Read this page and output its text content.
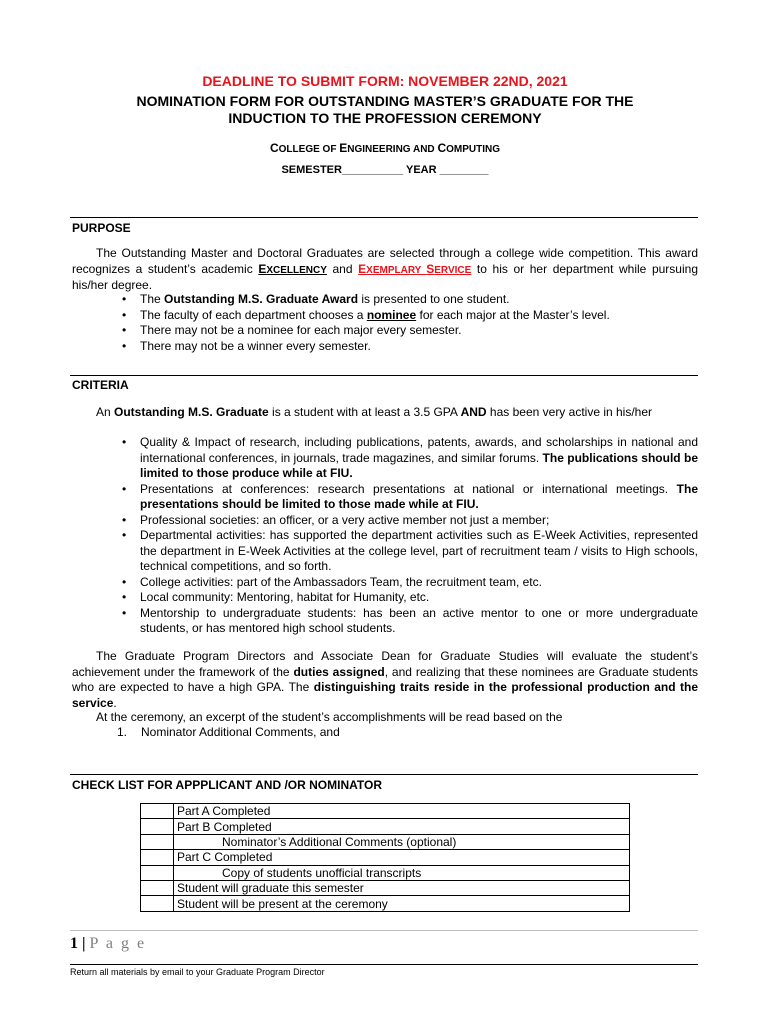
DEADLINE TO SUBMIT FORM: NOVEMBER 22ND, 2021
NOMINATION FORM FOR OUTSTANDING MASTER’S GRADUATE FOR THE
INDUCTION TO THE PROFESSION CEREMONY
COLLEGE OF ENGINEERING AND COMPUTING
SEMESTER__________ YEAR ________
PURPOSE
The Outstanding Master and Doctoral Graduates are selected through a college wide competition. This award recognizes a student’s academic EXCELLENCY and EXEMPLARY SERVICE to his or her department while pursuing his/her degree.
• The Outstanding M.S. Graduate Award is presented to one student.
• The faculty of each department chooses a nominee for each major at the Master’s level.
• There may not be a nominee for each major every semester.
• There may not be a winner every semester.
CRITERIA
An Outstanding M.S. Graduate is a student with at least a 3.5 GPA AND has been very active in his/her
• Quality & Impact of research, including publications, patents, awards, and scholarships in national and international conferences, in journals, trade magazines, and similar forums. The publications should be limited to those produce while at FIU.
• Presentations at conferences: research presentations at national or international meetings. The presentations should be limited to those made while at FIU.
• Professional societies: an officer, or a very active member not just a member;
• Departmental activities: has supported the department activities such as E-Week Activities, represented the department in E-Week Activities at the college level, part of recruitment team / visits to High schools, technical competitions, and so forth.
• College activities: part of the Ambassadors Team, the recruitment team, etc.
• Local community: Mentoring, habitat for Humanity, etc.
• Mentorship to undergraduate students: has been an active mentor to one or more undergraduate students, or has mentored high school students.
The Graduate Program Directors and Associate Dean for Graduate Studies will evaluate the student’s achievement under the framework of the duties assigned, and realizing that these nominees are Graduate students who are expected to have a high GPA. The distinguishing traits reside in the professional production and the service.
At the ceremony, an excerpt of the student’s accomplishments will be read based on the
1. Nominator Additional Comments, and
CHECK LIST FOR APPPLICANT AND /OR NOMINATOR
	Part A Completed
	Part B Completed
	Nominator’s Additional Comments (optional)
	Part C Completed
	Copy of students unofficial transcripts
	Student will graduate this semester
	Student will be present at the ceremony
1 | P a g e
Return all materials by email to your Graduate Program Director
